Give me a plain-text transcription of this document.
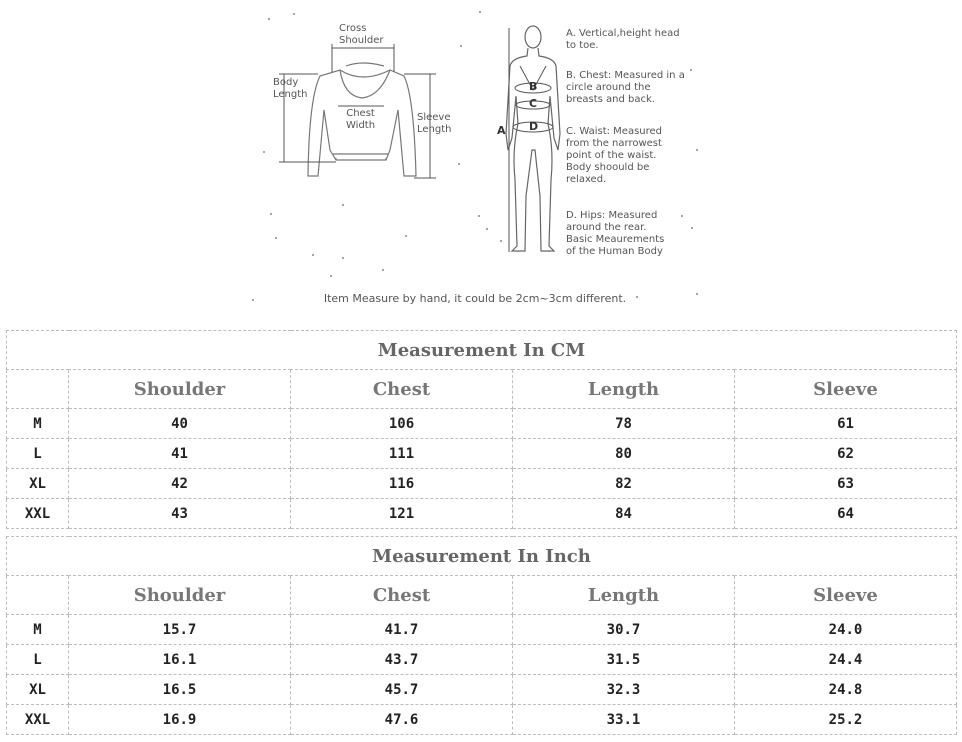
Cross
Shoulder
Body
Length
Chest
Width
Sleeve
Length	A
B
C
D
A. Vertical,height head
to toe.
B. Chest: Measured in a
circle around the
breasts and back.
C. Waist: Measured
from the narrowest
point of the waist.
Body shoould be
relaxed.
D. Hips: Measured
around the rear.
Basic Meaurements
of the Human Body
Item Measure by hand, it could be 2cm~3cm different.
Measurement In CM				
	Shoulder	Chest	Length	Sleeve
M	40	106	78	61
L	41	111	80	62
XL	42	116	82	63
XXL	43	121	84	64
Measurement In Inch				
	Shoulder	Chest	Length	Sleeve
M	15.7	41.7	30.7	24.0
L	16.1	43.7	31.5	24.4
XL	16.5	45.7	32.3	24.8
XXL	16.9	47.6	33.1	25.2
